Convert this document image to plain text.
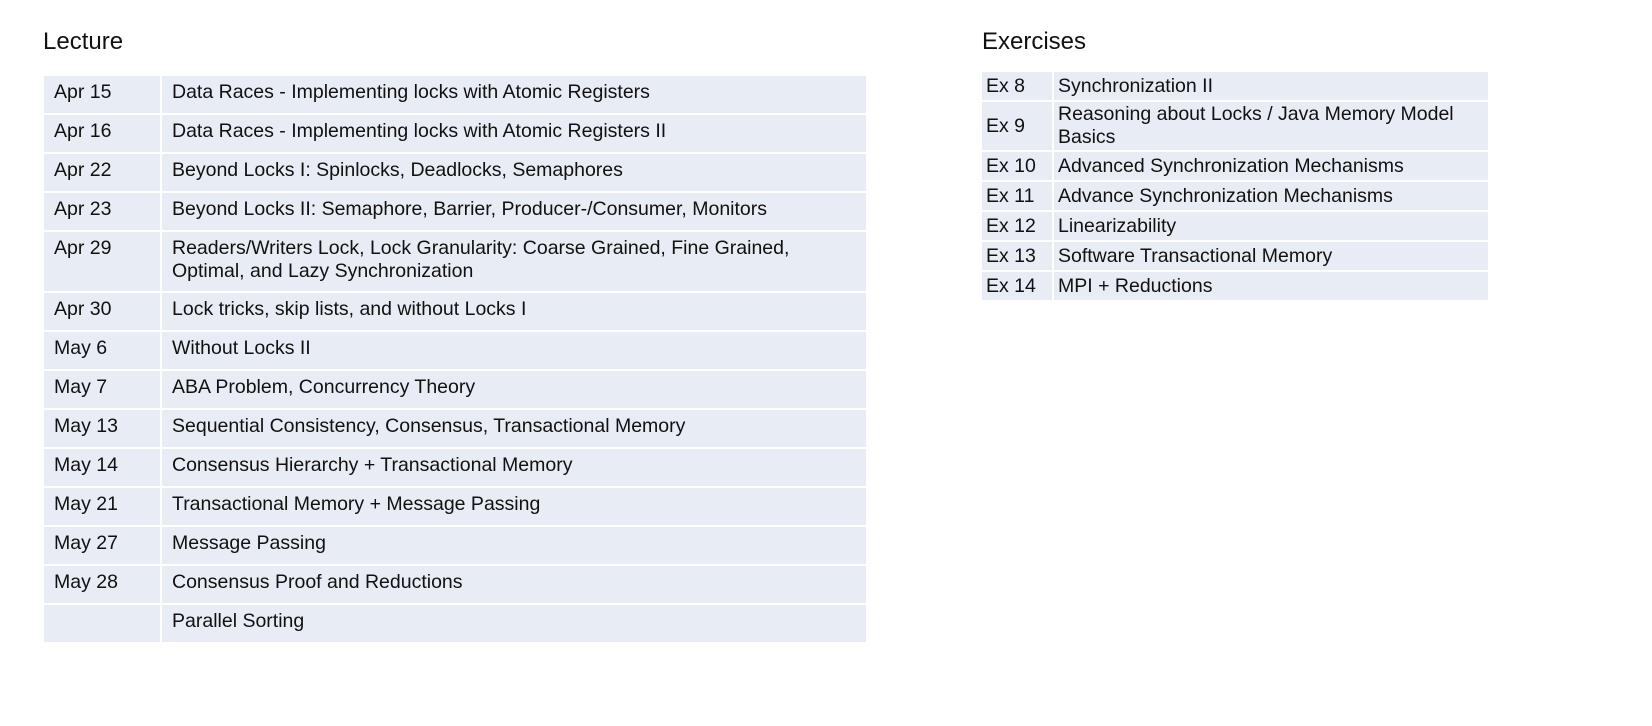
Lecture
Apr 15	Data Races - Implementing locks with Atomic Registers
Apr 16	Data Races - Implementing locks with Atomic Registers II
Apr 22	Beyond Locks I: Spinlocks, Deadlocks, Semaphores
Apr 23	Beyond Locks II: Semaphore, Barrier, Producer-/Consumer, Monitors
Apr 29	Readers/Writers Lock, Lock Granularity: Coarse Grained, Fine Grained, Optimal, and Lazy Synchronization
Apr 30	Lock tricks, skip lists, and without Locks I
May 6	Without Locks II
May 7	ABA Problem, Concurrency Theory
May 13	Sequential Consistency, Consensus, Transactional Memory
May 14	Consensus Hierarchy + Transactional Memory
May 21	Transactional Memory + Message Passing
May 27	Message Passing
May 28	Consensus Proof and Reductions
	Parallel Sorting
Exercises
Ex 8	Synchronization II
Ex 9	Reasoning about Locks / Java Memory Model Basics
Ex 10	Advanced Synchronization Mechanisms
Ex 11	Advance Synchronization Mechanisms
Ex 12	Linearizability
Ex 13	Software Transactional Memory
Ex 14	MPI + Reductions
